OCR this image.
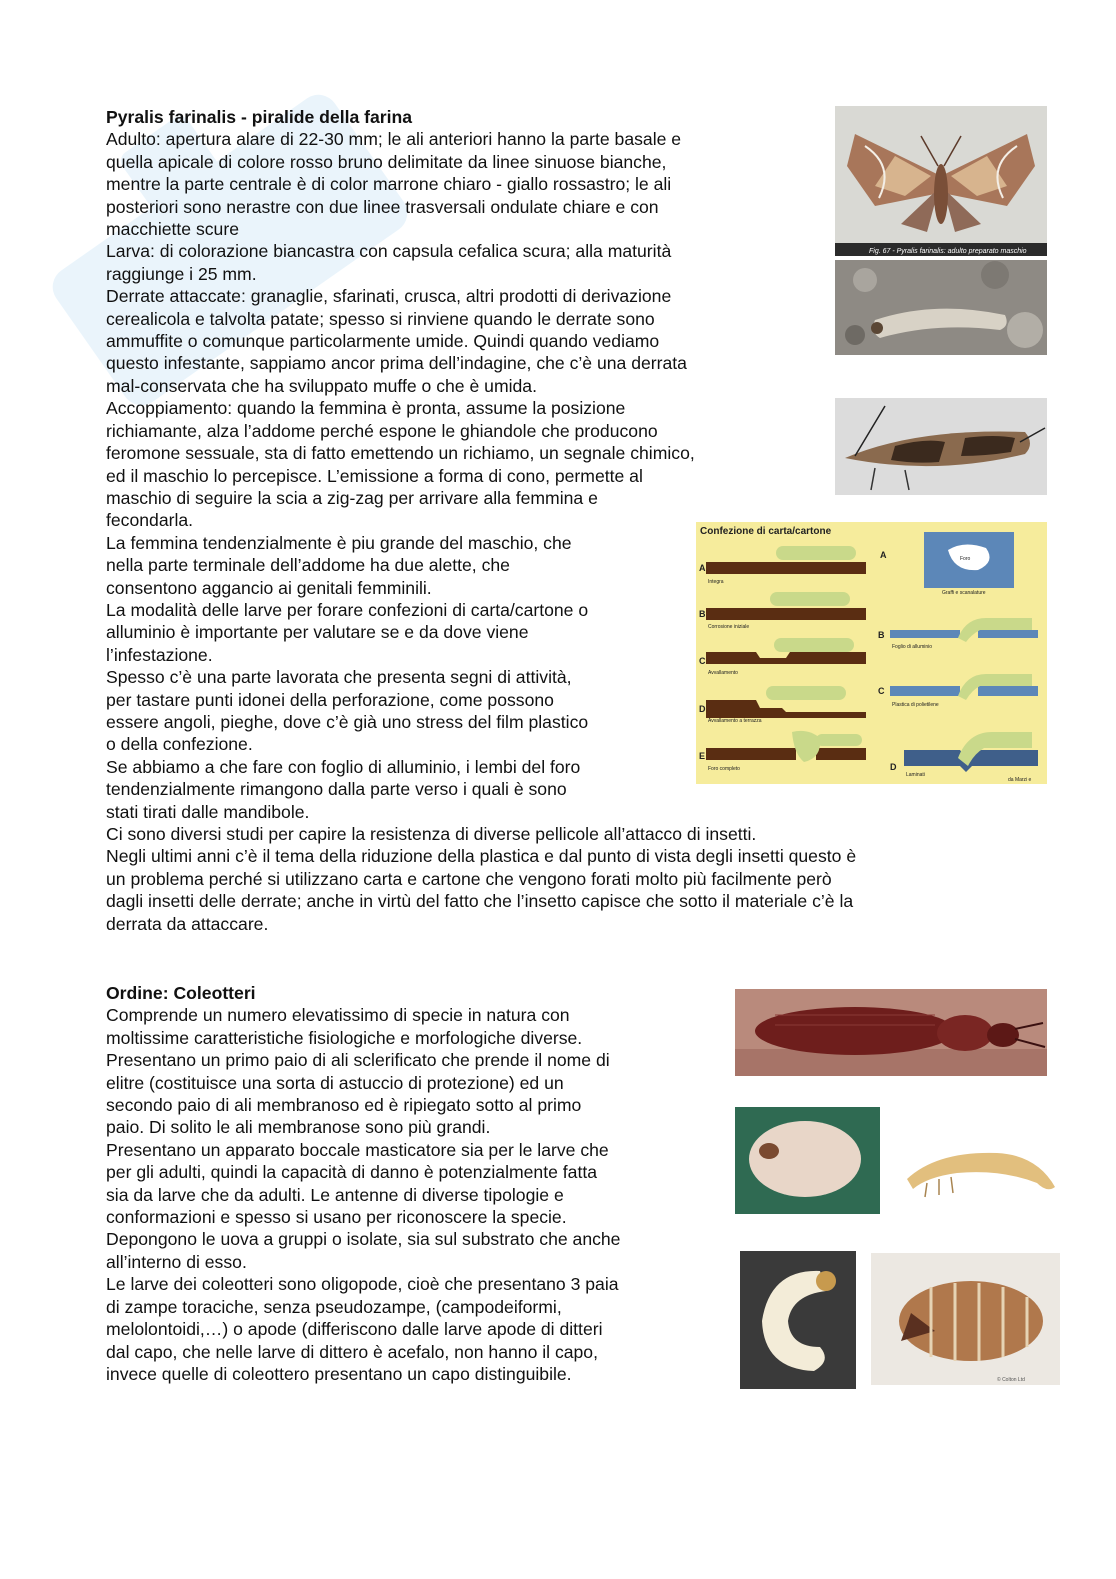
Pyralis farinalis - piralide della farina

Adulto: apertura alare di 22-30 mm; le ali anteriori hanno la parte basale e
quella apicale di colore rosso bruno delimitate da linee sinuose bianche,
mentre la parte centrale è di color marrone chiaro - giallo rossastro; le ali
posteriori sono nerastre con due linee trasversali ondulate chiare e con
macchiette scure

Larva: di colorazione biancastra con capsula cefalica scura; alla maturità
raggiunge i 25 mm.

Derrate attaccate: granaglie, sfarinati, crusca, altri prodotti di derivazione
cerealicola e talvolta patate; spesso si rinviene quando le derrate sono
ammuffite o comunque particolarmente umide. Quindi quando vediamo
questo infestante, sappiamo ancor prima dell’indagine, che c’è una derrata
mal-conservata che ha sviluppato muffe o che è umida.

Accoppiamento: quando la femmina è pronta, assume la posizione
richiamante, alza l’addome perché espone le ghiandole che producono
feromone sessuale, sta di fatto emettendo un richiamo, un segnale chimico,
ed il maschio lo percepisce. L’emissione a forma di cono, permette al
maschio di seguire la scia a zig-zag per arrivare alla femmina e
fecondarla.

La femmina tendenzialmente è piu grande del maschio, che
nella parte terminale dell’addome ha due alette, che
consentono aggancio ai genitali femminili.

La modalità delle larve per forare confezioni di carta/cartone o
alluminio è importante per valutare se e da dove viene
l’infestazione.

Spesso c’è una parte lavorata che presenta segni di attività,
per tastare punti idonei della perforazione, come possono
essere angoli, pieghe, dove c’è già uno stress del film plastico
o della confezione.

Se abbiamo a che fare con foglio di alluminio, i lembi del foro
tendenzialmente rimangono dalla parte verso i quali è sono
stati tirati dalle mandibole.

Ci sono diversi studi per capire la resistenza di diverse pellicole all’attacco di insetti.

Negli ultimi anni c’è il tema della riduzione della plastica e dal punto di vista degli insetti questo è
un problema perché si utilizzano carta e cartone che vengono forati molto più facilmente però
dagli insetti delle derrate; anche in virtù del fatto che l’insetto capisce che sotto il materiale c’è la
derrata da attaccare.

Ordine: Coleotteri

Comprende un numero elevatissimo di specie in natura con
moltissime caratteristiche fisiologiche e morfologiche diverse.

Presentano un primo paio di ali sclerificato che prende il nome di
elitre (costituisce una sorta di astuccio di protezione) ed un
secondo paio di ali membranoso ed è ripiegato sotto al primo
paio. Di solito le ali membranose sono più grandi.

Presentano un apparato boccale masticatore sia per le larve che
per gli adulti, quindi la capacità di danno è potenzialmente fatta
sia da larve che da adulti. Le antenne di diverse tipologie e
conformazioni e spesso si usano per riconoscere la specie.

Depongono le uova a gruppi o isolate, sia sul substrato che anche
all’interno di esso.

Le larve dei coleotteri sono oligopode, cioè che presentano 3 paia
di zampe toraciche, senza pseudozampe, (campodeiformi,
melolontoidi,…) o apode (differiscono dalle larve apode di ditteri
dal capo, che nelle larve di dittero è acefalo, non hanno il capo,
invece quelle di coleottero presentano un capo distinguibile.

Fig. 67 - Pyralis farinalis: adulto preparato maschio
Confezione di carta/cartone
A
Integra
B
Corrosione iniziale
C
Avvallamento
D
Avvallamento a terrazza
E
Foro completo
A	Foro
Graffi e scanalature
B
Foglio di alluminio
C
Plastica di polietilene
D
Laminati
da Marzi e
© Colton Ltd
